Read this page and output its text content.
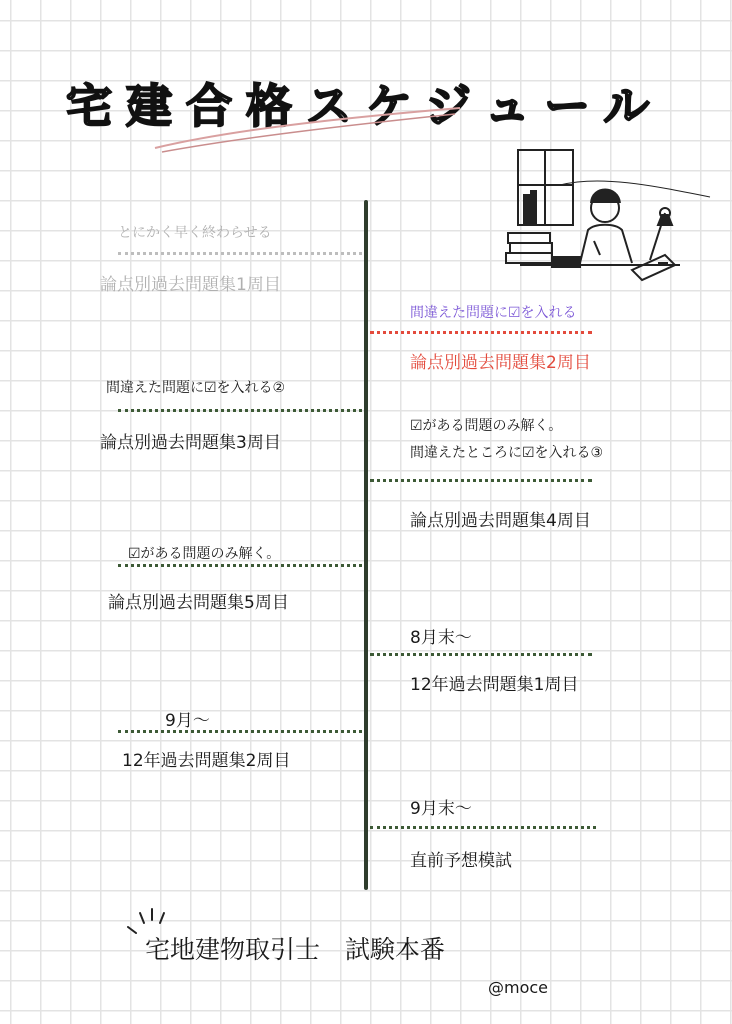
宅建合格スケジュール
とにかく早く終わらせる
論点別過去問題集1周目
間違えた問題に☑を入れる②
論点別過去問題集3周目
☑がある問題のみ解く。
論点別過去問題集5周目
9月〜
12年過去問題集2周目
間違えた問題に☑を入れる
論点別過去問題集2周目
☑がある問題のみ解く。
間違えたところに☑を入れる③
論点別過去問題集4周目
8月末〜
12年過去問題集1周目
9月末〜
直前予想模試
宅地建物取引士　試験本番
@moce
